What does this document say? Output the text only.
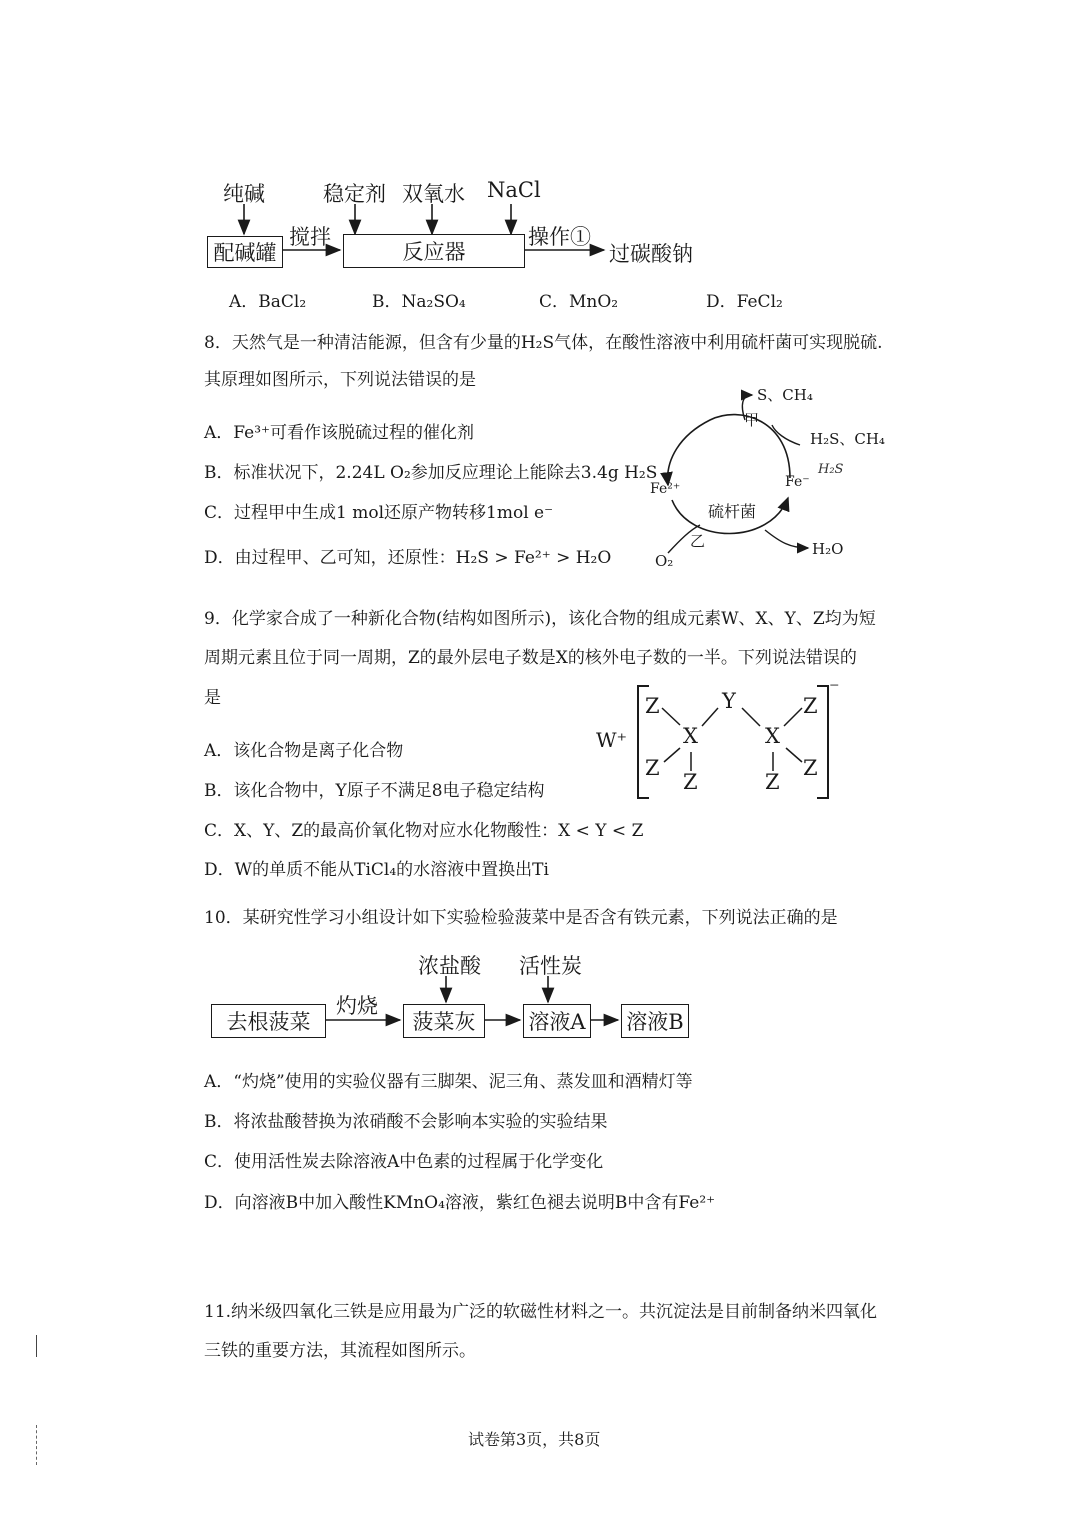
纯碱	稳定剂 双氧水 NaCl
配碱罐
搅拌
反应器
操作①
过碳酸钠
A．BaCl₂	B．Na₂SO₄	C．MnO₂	D．FeCl₂
8．天然气是一种清洁能源，但含有少量的H₂S气体，在酸性溶液中利用硫杆菌可实现脱硫.
其原理如图所示，下列说法错误的是
A．Fe³⁺可看作该脱硫过程的催化剂
B．标准状况下，2.24L O₂参加反应理论上能除去3.4g H₂S
C．过程甲中生成1 mol还原产物转移1mol e⁻
D．由过程甲、乙可知，还原性：H₂S > Fe²⁺ > H₂O
S、CH₄
甲
H₂S、CH₄
H₂S
Fe²⁺	Fe⁻
硫杆菌
乙
O₂
H₂O
9．化学家合成了一种新化合物(结构如图所示)，该化合物的组成元素W、X、Y、Z均为短
周期元素且位于同一周期，Z的最外层电子数是X的核外电子数的一半。下列说法错误的
是
A．该化合物是离子化合物
B．该化合物中，Y原子不满足8电子稳定结构
C．X、Y、Z的最高价氧化物对应水化物酸性：X < Y < Z
D．W的单质不能从TiCl₄的水溶液中置换出Ti
W⁺
⁻
Z	Y	Z
X	X
Z	Z
Z	Z
10．某研究性学习小组设计如下实验检验菠菜中是否含有铁元素，下列说法正确的是
浓盐酸 活性炭
去根菠菜
灼烧
菠菜灰	溶液A 溶液B
A．“灼烧”使用的实验仪器有三脚架、泥三角、蒸发皿和酒精灯等
B．将浓盐酸替换为浓硝酸不会影响本实验的实验结果
C．使用活性炭去除溶液A中色素的过程属于化学变化
D．向溶液B中加入酸性KMnO₄溶液，紫红色褪去说明B中含有Fe²⁺
11.纳米级四氧化三铁是应用最为广泛的软磁性材料之一。共沉淀法是目前制备纳米四氧化
三铁的重要方法，其流程如图所示。
试卷第3页，共8页
